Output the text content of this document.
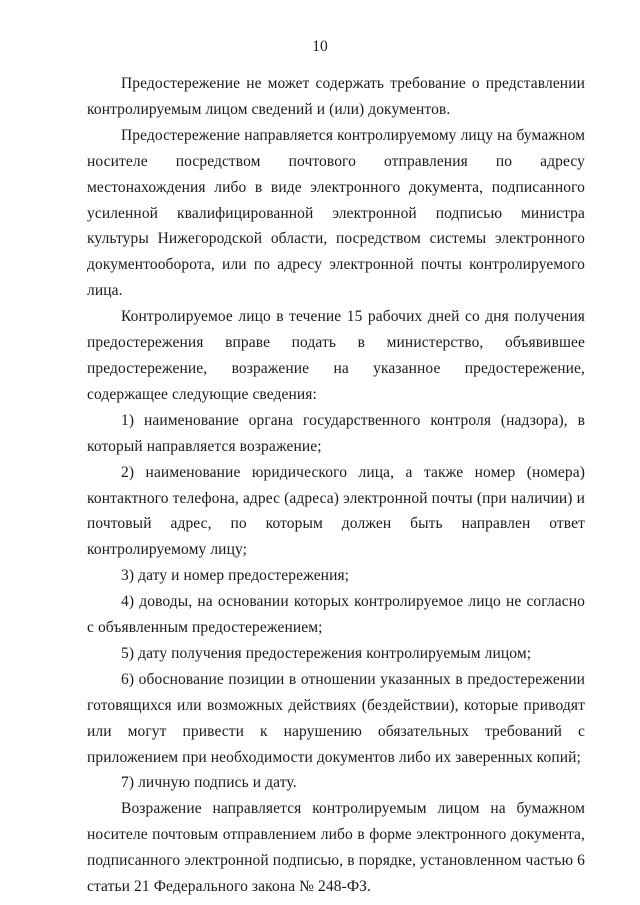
10

Предостережение не может содержать требование о представлении контролируемым лицом сведений и (или) документов.

Предостережение направляется контролируемому лицу на бумажном носителе посредством почтового отправления по адресу местонахождения либо в виде электронного документа, подписанного усиленной квалифицированной электронной подписью министра культуры Нижегородской области, посредством системы электронного документооборота, или по адресу электронной почты контролируемого лица.

Контролируемое лицо в течение 15 рабочих дней со дня получения предостережения вправе подать в министерство, объявившее предостережение, возражение на указанное предостережение, содержащее следующие сведения:

1) наименование органа государственного контроля (надзора), в который направляется возражение;

2) наименование юридического лица, а также номер (номера) контактного телефона, адрес (адреса) электронной почты (при наличии) и почтовый адрес, по которым должен быть направлен ответ контролируемому лицу;

3) дату и номер предостережения;

4) доводы, на основании которых контролируемое лицо не согласно с объявленным предостережением;

5) дату получения предостережения контролируемым лицом;

6) обоснование позиции в отношении указанных в предостережении готовящихся или возможных действиях (бездействии), которые приводят или могут привести к нарушению обязательных требований с приложением при необходимости документов либо их заверенных копий;

7) личную подпись и дату.

Возражение направляется контролируемым лицом на бумажном носителе почтовым отправлением либо в форме электронного документа, подписанного электронной подписью, в порядке, установленном частью 6 статьи 21 Федерального закона № 248-ФЗ.
